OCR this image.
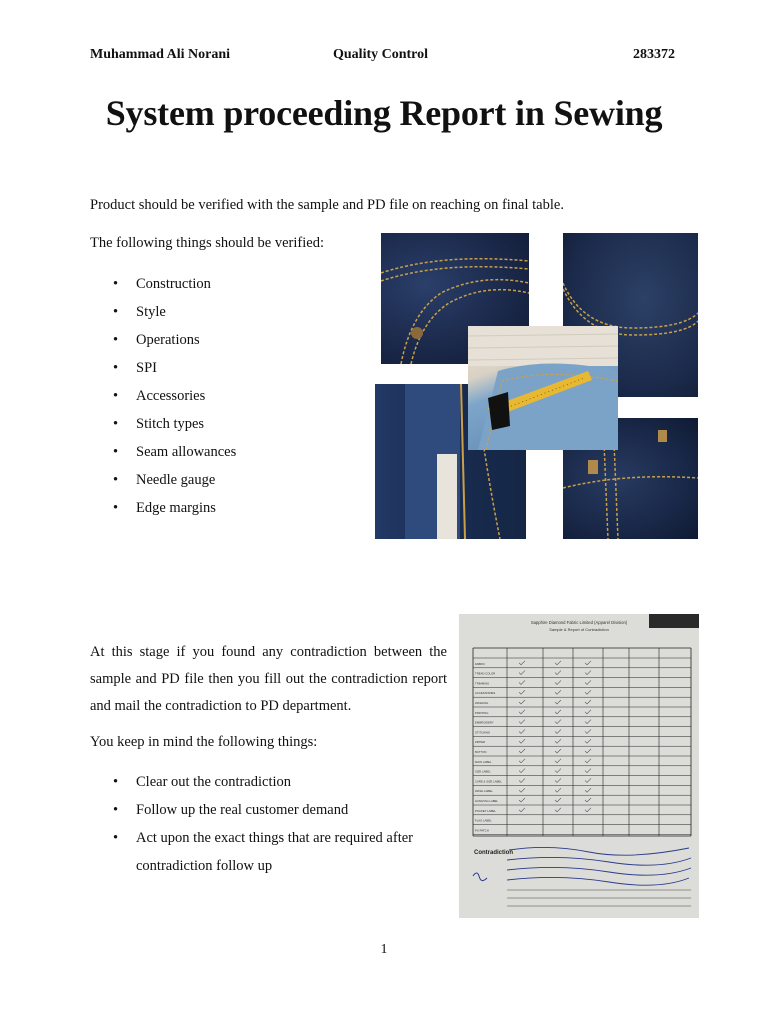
Muhammad Ali Norani	Quality Control	283372
System proceeding Report in Sewing
Product should be verified with the sample and PD file on reaching on final table.
The following things should be verified:
• Construction
• Style
• Operations
• SPI
• Accessories
• Stitch types
• Seam allowances
• Needle gauge
• Edge margins
At this stage if you found any contradiction between the sample and PD file then you fill out the contradiction report and mail the contradiction to PD department.
You keep in mind the following things:
• Clear out the contradiction
• Follow up the real customer demand
• Act upon the exact things that are required after contradiction follow up
Sapphire Diamond Fabric Limited (Apparel Division)
Sample & Report of Contradiction
FABRIC
TREAD COLOR
TRIMMING
ACCESSORIES
WASHING
PRINTING
EMBROIDERY
STITCHING
ZIPPER
BUTTON
MAIN LABEL
SIZE LABEL
CARE & SIZE LABEL
WASH LABEL
HANGTAG LABEL
POCKET LABEL
FLAG LABEL
PU PATCH
Contradiction
1
